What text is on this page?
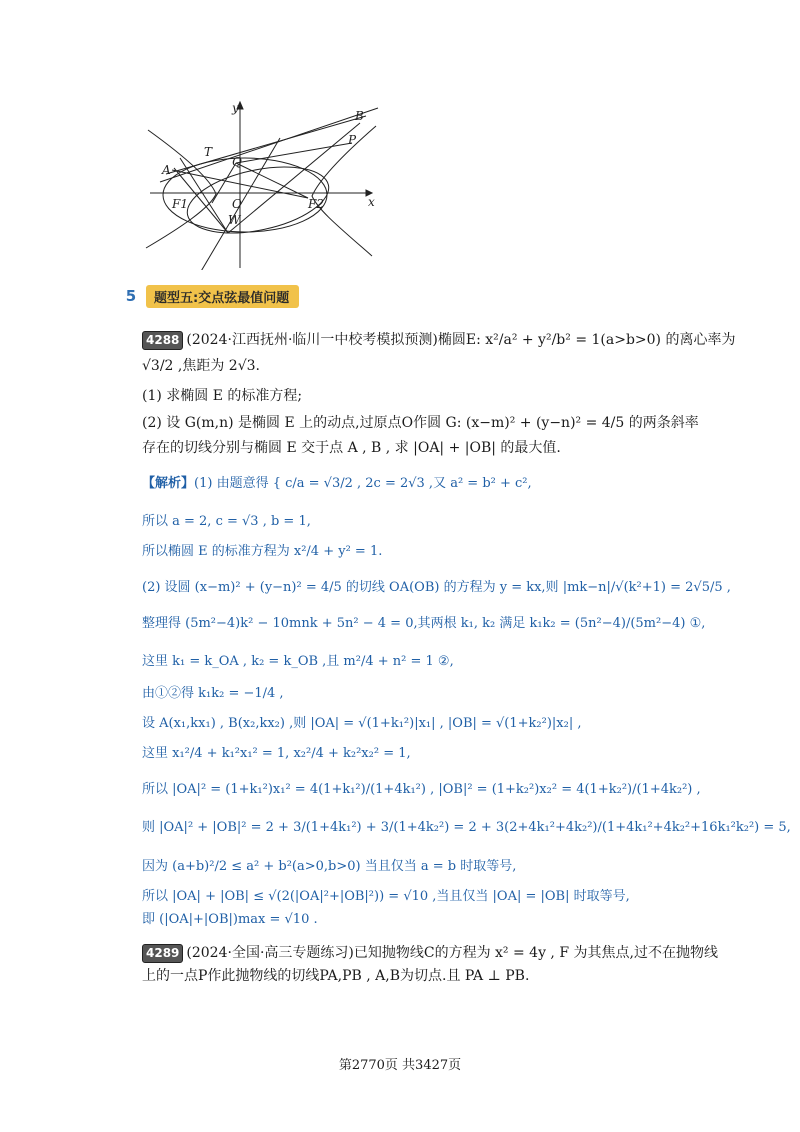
y
x
B
P
T
A
Q
F1	O
W
F2
5	题型五:交点弦最值问题
4288 (2024·江西抚州·临川一中校考模拟预测)椭圆E: x²/a² + y²/b² = 1(a>b>0) 的离心率为
√3/2 ,焦距为 2√3.
(1) 求椭圆 E 的标准方程;
(2) 设 G(m,n) 是椭圆 E 上的动点,过原点O作圆 G: (x−m)² + (y−n)² = 4/5 的两条斜率
存在的切线分别与椭圆 E 交于点 A , B , 求 |OA| + |OB| 的最大值.
【解析】(1) 由题意得 { c/a = √3/2 , 2c = 2√3 ,又 a² = b² + c²,
所以 a = 2, c = √3 , b = 1,
所以椭圆 E 的标准方程为 x²/4 + y² = 1.
(2) 设圆 (x−m)² + (y−n)² = 4/5 的切线 OA(OB) 的方程为 y = kx,则 |mk−n|/√(k²+1) = 2√5/5 ,
整理得 (5m²−4)k² − 10mnk + 5n² − 4 = 0,其两根 k₁, k₂ 满足 k₁k₂ = (5n²−4)/(5m²−4) ①,
这里 k₁ = k_OA , k₂ = k_OB ,且 m²/4 + n² = 1 ②,
由①②得 k₁k₂ = −1/4 ,
设 A(x₁,kx₁) , B(x₂,kx₂) ,则 |OA| = √(1+k₁²)|x₁| , |OB| = √(1+k₂²)|x₂| ,
这里 x₁²/4 + k₁²x₁² = 1, x₂²/4 + k₂²x₂² = 1,
所以 |OA|² = (1+k₁²)x₁² = 4(1+k₁²)/(1+4k₁²) , |OB|² = (1+k₂²)x₂² = 4(1+k₂²)/(1+4k₂²) ,
则 |OA|² + |OB|² = 2 + 3/(1+4k₁²) + 3/(1+4k₂²) = 2 + 3(2+4k₁²+4k₂²)/(1+4k₁²+4k₂²+16k₁²k₂²) = 5,
因为 (a+b)²/2 ≤ a² + b²(a>0,b>0) 当且仅当 a = b 时取等号,
所以 |OA| + |OB| ≤ √(2(|OA|²+|OB|²)) = √10 ,当且仅当 |OA| = |OB| 时取等号,
即 (|OA|+|OB|)max = √10 .
4289 (2024·全国·高三专题练习)已知抛物线C的方程为 x² = 4y , F 为其焦点,过不在抛物线
上的一点P作此抛物线的切线PA,PB , A,B为切点.且 PA ⊥ PB.
第2770页 共3427页
